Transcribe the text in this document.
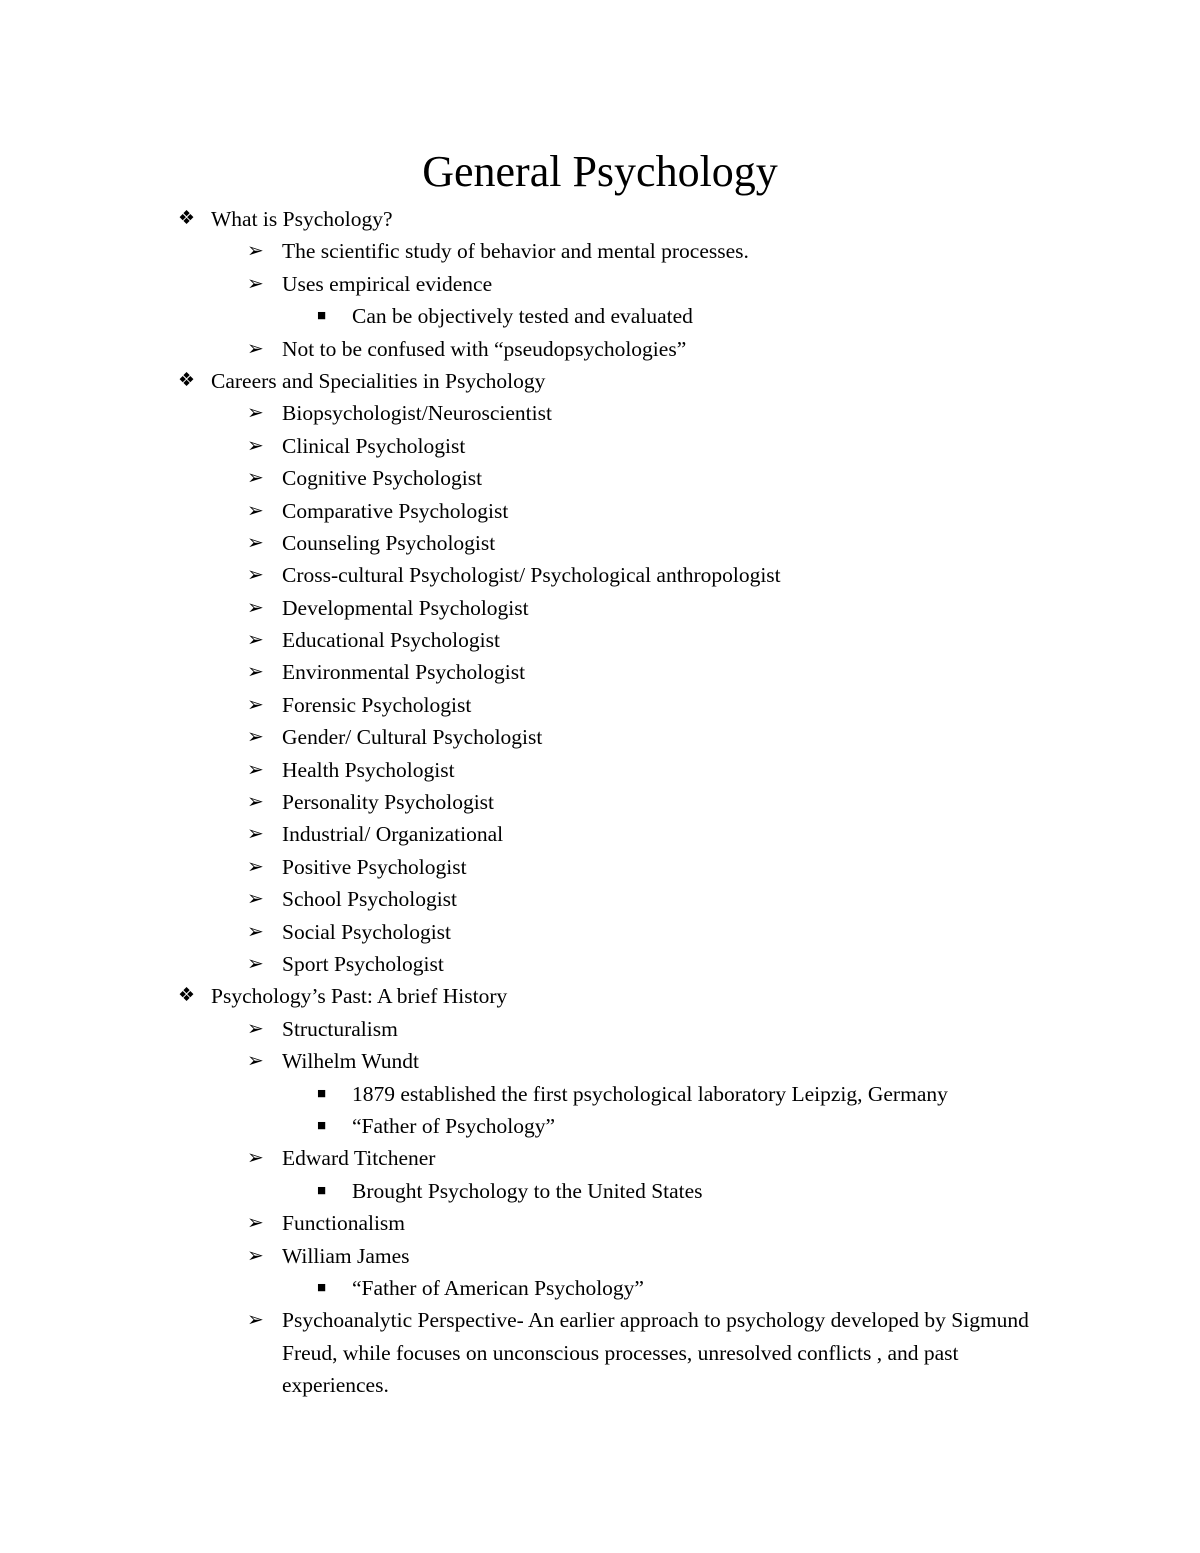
General Psychology
❖ What is Psychology?
➢ The scientific study of behavior and mental processes.
➢ Uses empirical evidence
■	Can be objectively tested and evaluated
➢ Not to be confused with “pseudopsychologies”
❖ Careers and Specialities in Psychology
➢ Biopsychologist/Neuroscientist
➢ Clinical Psychologist
➢ Cognitive Psychologist
➢ Comparative Psychologist
➢ Counseling Psychologist
➢ Cross-cultural Psychologist/ Psychological anthropologist
➢ Developmental Psychologist
➢ Educational Psychologist
➢ Environmental Psychologist
➢ Forensic Psychologist
➢ Gender/ Cultural Psychologist
➢ Health Psychologist
➢ Personality Psychologist
➢ Industrial/ Organizational
➢ Positive Psychologist
➢ School Psychologist
➢ Social Psychologist
➢ Sport Psychologist
❖ Psychology’s Past: A brief History
➢ Structuralism
➢ Wilhelm Wundt
■	1879 established the first psychological laboratory Leipzig, Germany
■	“Father of Psychology”
➢ Edward Titchener
■	Brought Psychology to the United States
➢ Functionalism
➢ William James
■	“Father of American Psychology”
➢ Psychoanalytic Perspective- An earlier approach to psychology developed by Sigmund Freud, while focuses on unconscious processes, unresolved conflicts , and past experiences.
